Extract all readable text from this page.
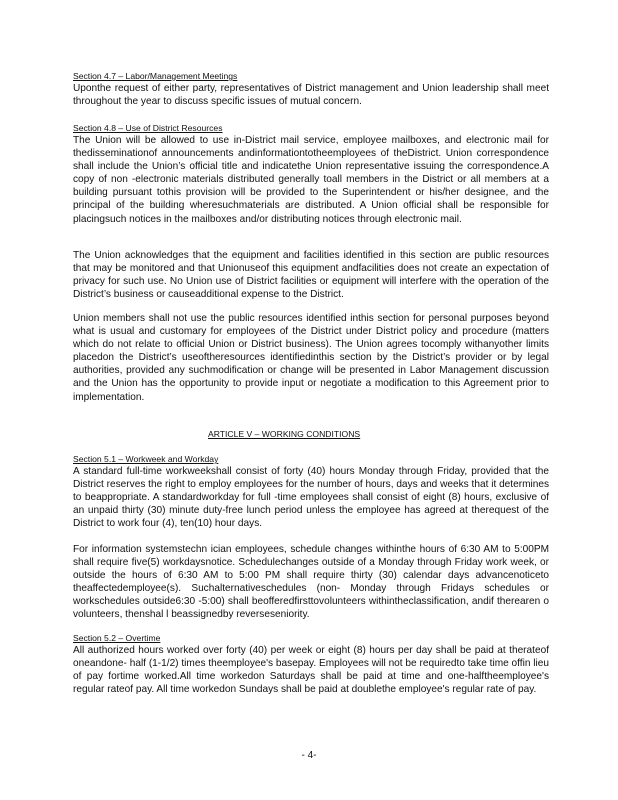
Section 4.7 – Labor/Management Meetings

Uponthe request of either party, representatives of District management and Union leadership shall meet throughout the year to discuss specific issues of mutual concern.

Section 4.8 – Use of District Resources

The Union will be allowed to use in-District mail service, employee mailboxes, and electronic mail for thedisseminationof announcements andinformationtotheemployees of theDistrict. Union correspondence shall include the Union’s official title and indicatethe Union representative issuing the correspondence.A copy of non -electronic materials distributed generally toall members in the District or all members at a building pursuant tothis provision will be provided to the Superintendent or his/her designee, and the principal of the building wheresuchmaterials are distributed. A Union official shall be responsible for placingsuch notices in the mailboxes and/or distributing notices through electronic mail.

The Union acknowledges that the equipment and facilities identified in this section are public resources that may be monitored and that Unionuseof this equipment andfacilities does not create an expectation of privacy for such use. No Union use of District facilities or equipment will interfere with the operation of the District’s business or causeadditional expense to the District.

Union members shall not use the public resources identified inthis section for personal purposes beyond what is usual and customary for employees of the District under District policy and procedure (matters which do not relate to official Union or District business). The Union agrees tocomply withanyother limits placedon the District’s useoftheresources identifiedinthis section by the District’s provider or by legal authorities, provided any suchmodification or change will be presented in Labor Management discussion and the Union has the opportunity to provide input or negotiate a modification to this Agreement prior to implementation.

ARTICLE V – WORKING CONDITIONS
Section 5.1 – Workweek and Workday

A standard full-time workweekshall consist of forty (40) hours Monday through Friday, provided that the District reserves the right to employ employees for the number of hours, days and weeks that it determines to beappropriate. A standardworkday for full -time employees shall consist of eight (8) hours, exclusive of an unpaid thirty (30) minute duty-free lunch period unless the employee has agreed at therequest of the District to work four (4), ten(10) hour days.

For information systemstechn ician employees, schedule changes withinthe hours of 6:30 AM to 5:00PM shall require five(5) workdaysnotice. Schedulechanges outside of a Monday through Friday work week, or outside the hours of 6:30 AM to 5:00 PM shall require thirty (30) calendar days advancenoticeto theaffectedemployee(s). Suchalternativeschedules (non- Monday through Fridays schedules or workschedules outside6:30 -5:00) shall beofferedfirsttovolunteers withintheclassification, andif therearen o volunteers, thenshal l beassignedby reverseseniority.

Section 5.2 – Overtime

All authorized hours worked over forty (40) per week or eight (8) hours per day shall be paid at therateof oneandone- half (1-1/2) times theemployee's basepay. Employees will not be requiredto take time offin lieu of pay fortime worked.All time workedon Saturdays shall be paid at time and one-halftheemployee's regular rateof pay. All time workedon Sundays shall be paid at doublethe employee's regular rate of pay.

- 4-
